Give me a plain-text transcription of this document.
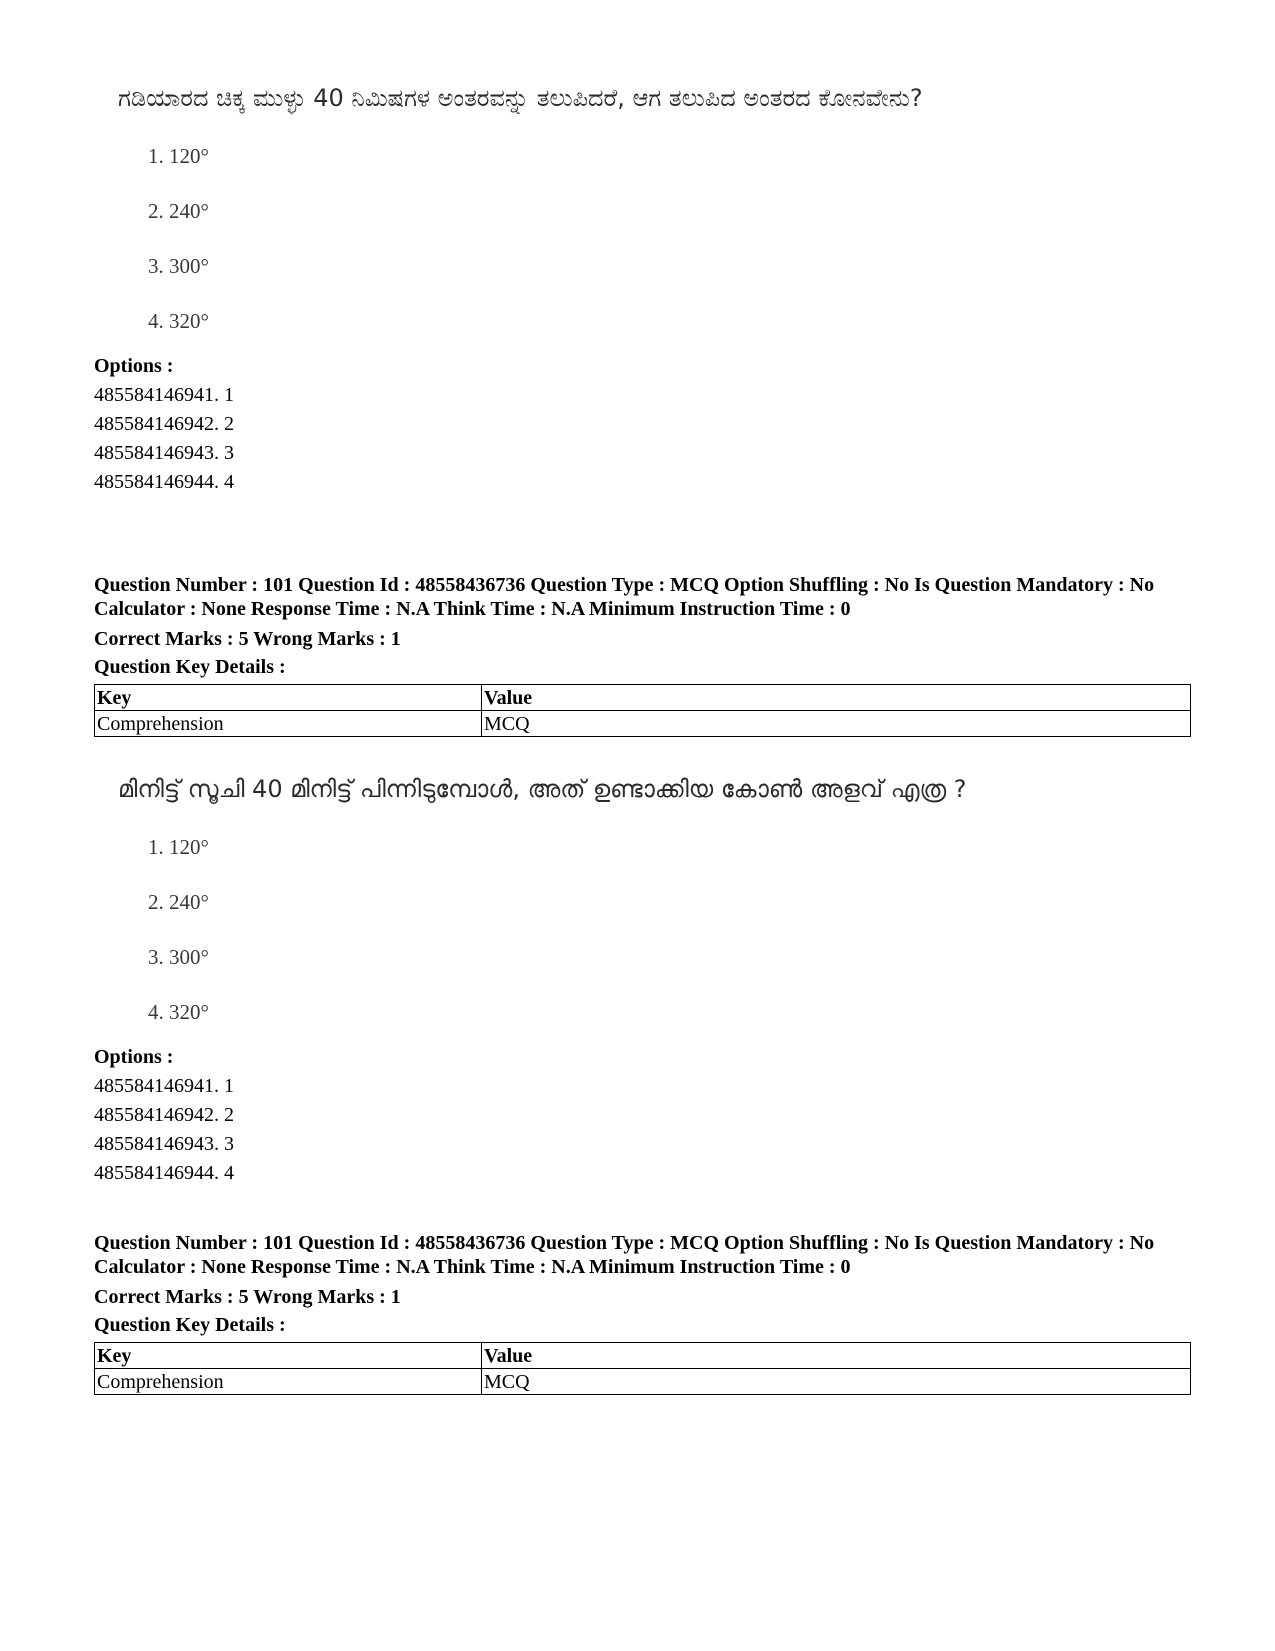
ಗಡಿಯಾರದ ಚಿಕ್ಕ ಮುಳ್ಳು 40 ನಿಮಿಷಗಳ ಅಂತರವನ್ನು ತಲುಪಿದರೆ, ಆಗ ತಲುಪಿದ ಅಂತರದ ಕೋನವೇನು?
1. 120°
2. 240°
3. 300°
4. 320°
Options :
485584146941. 1
485584146942. 2
485584146943. 3
485584146944. 4
Question Number : 101 Question Id : 48558436736 Question Type : MCQ Option Shuffling : No Is Question Mandatory : No Calculator : None Response Time : N.A Think Time : N.A Minimum Instruction Time : 0
Correct Marks : 5 Wrong Marks : 1
Question Key Details :
Key	Value
Comprehension	MCQ
മിനിട്ട് സൂചി 40 മിനിട്ട് പിന്നിടുമ്പോൾ, അത് ഉണ്ടാക്കിയ കോൺ അളവ് എത്ര ?
1. 120°
2. 240°
3. 300°
4. 320°
Options :
485584146941. 1
485584146942. 2
485584146943. 3
485584146944. 4
Question Number : 101 Question Id : 48558436736 Question Type : MCQ Option Shuffling : No Is Question Mandatory : No Calculator : None Response Time : N.A Think Time : N.A Minimum Instruction Time : 0
Correct Marks : 5 Wrong Marks : 1
Question Key Details :
Key	Value
Comprehension	MCQ
